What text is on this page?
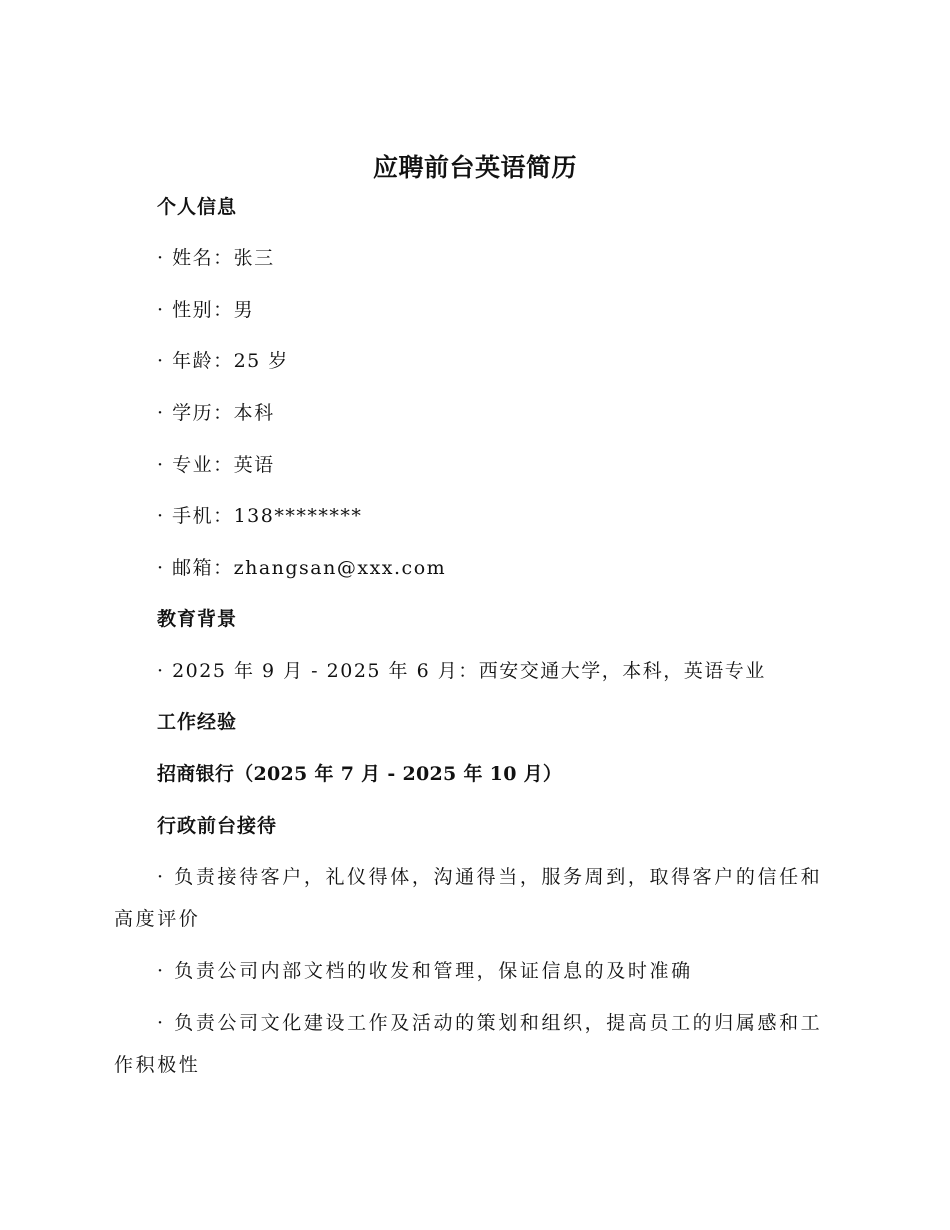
应聘前台英语简历

个人信息

· 姓名：张三

· 性别：男

· 年龄：25 岁

· 学历：本科

· 专业：英语

· 手机：138********

· 邮箱：zhangsan@xxx.com

教育背景

· 2025 年 9 月 - 2025 年 6 月：西安交通大学，本科，英语专业

工作经验

招商银行（2025 年 7 月 - 2025 年 10 月）

行政前台接待

· 负责接待客户，礼仪得体，沟通得当，服务周到，取得客户的信任和高度评价

· 负责公司内部文档的收发和管理，保证信息的及时准确

· 负责公司文化建设工作及活动的策划和组织，提高员工的归属感和工作积极性
